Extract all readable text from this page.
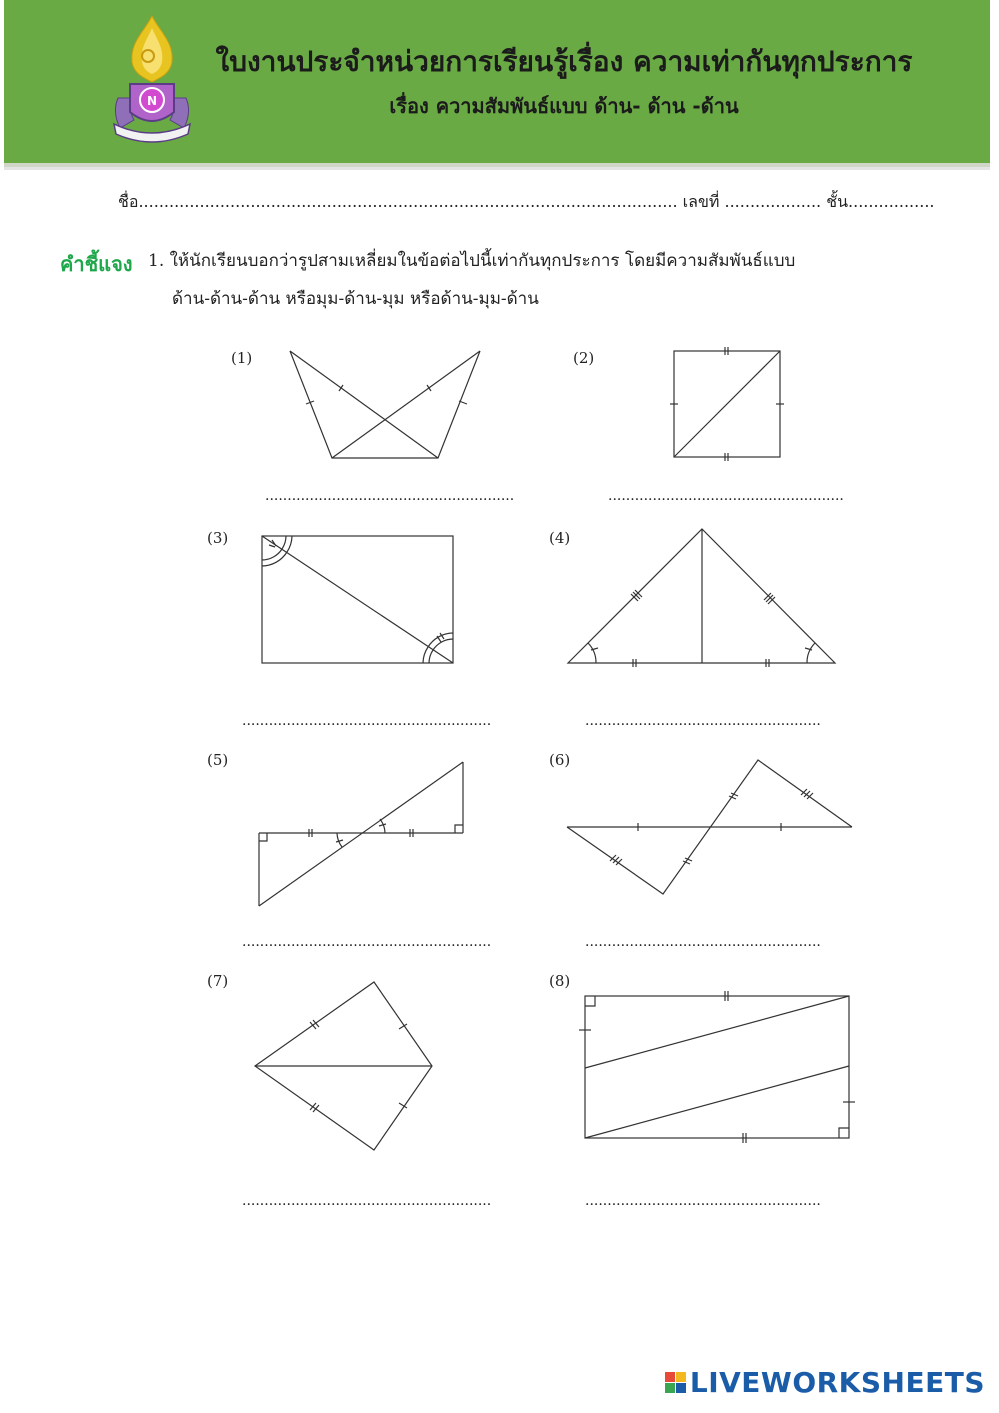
N
ใบงานประจำหน่วยการเรียนรู้เรื่อง ความเท่ากันทุกประการ
เรื่อง ความสัมพันธ์แบบ ด้าน- ด้าน -ด้าน
ชื่อ.......................................................................................................... เลขที่ ................... ชั้น.................
คำชี้แจง 1. ให้นักเรียนบอกว่ารูปสามเหลี่ยมในข้อต่อไปนี้เท่ากันทุกประการ โดยมีความสัมพันธ์แบบ
ด้าน-ด้าน-ด้าน หรือมุม-ด้าน-มุม หรือด้าน-มุม-ด้าน
(1)	(2)
(3)	(4)
(5)	(6)
(7)	(8)
........................................................	.....................................................
........................................................	.....................................................
........................................................	.....................................................
........................................................	.....................................................
LIVEWORKSHEETS
